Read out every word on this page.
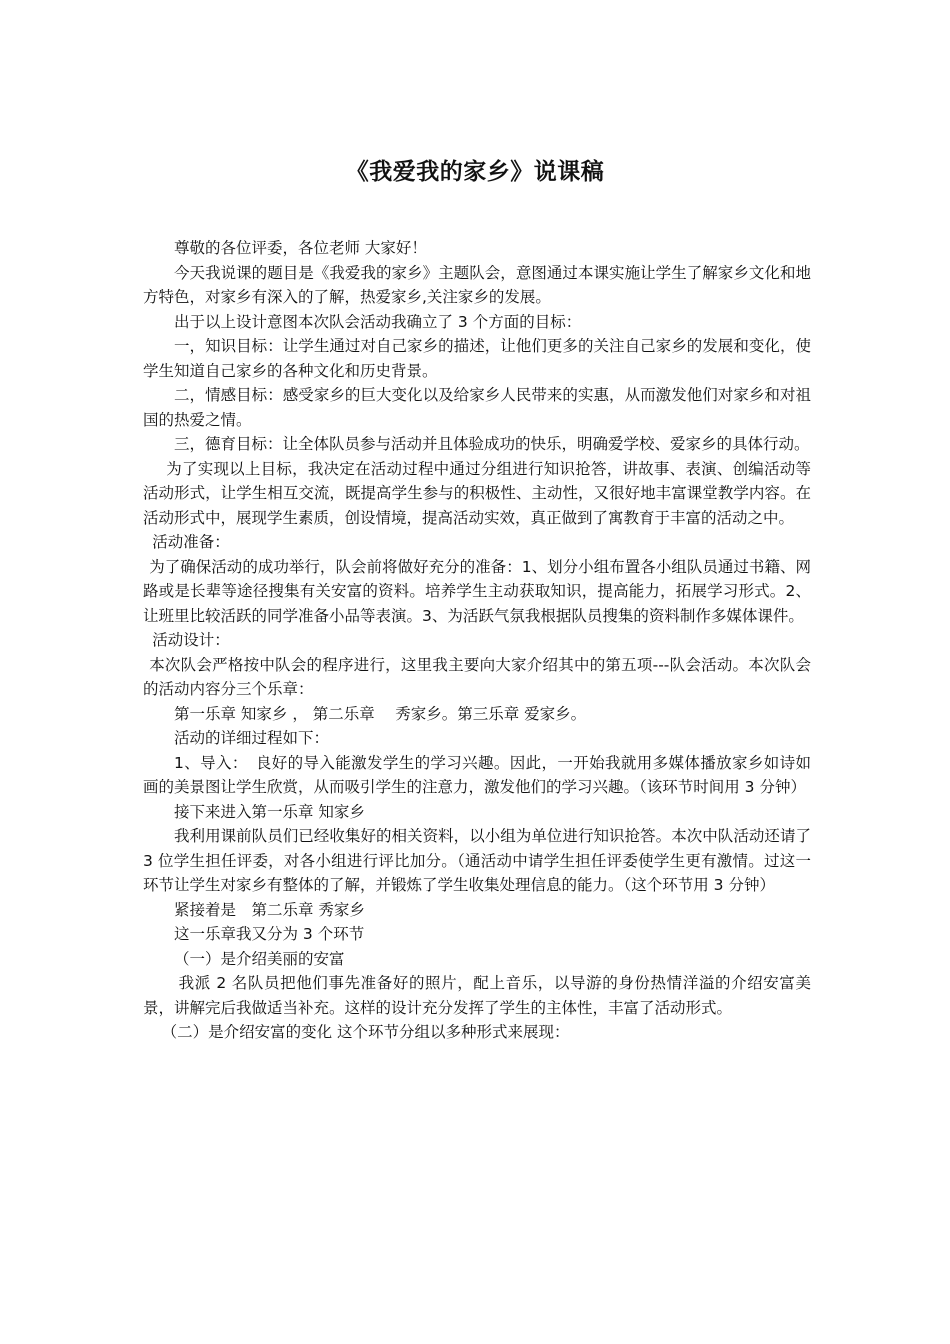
《我爱我的家乡》说课稿

尊敬的各位评委，各位老师 大家好！

今天我说课的题目是《我爱我的家乡》主题队会，意图通过本课实施让学生了解家乡文化和地方特色，对家乡有深入的了解，热爱家乡,关注家乡的发展。

出于以上设计意图本次队会活动我确立了 3 个方面的目标：

一，知识目标：让学生通过对自己家乡的描述，让他们更多的关注自己家乡的发展和变化，使学生知道自己家乡的各种文化和历史背景。

二，情感目标：感受家乡的巨大变化以及给家乡人民带来的实惠，从而激发他们对家乡和对祖国的热爱之情。

三，德育目标：让全体队员参与活动并且体验成功的快乐，明确爱学校、爱家乡的具体行动。

为了实现以上目标，我决定在活动过程中通过分组进行知识抢答，讲故事、表演、创编活动等活动形式，让学生相互交流，既提高学生参与的积极性、主动性，又很好地丰富课堂教学内容。在活动形式中，展现学生素质，创设情境，提高活动实效，真正做到了寓教育于丰富的活动之中。

活动准备：

为了确保活动的成功举行，队会前将做好充分的准备：1、划分小组布置各小组队员通过书籍、网路或是长辈等途径搜集有关安富的资料。培养学生主动获取知识，提高能力，拓展学习形式。2、让班里比较活跃的同学准备小品等表演。3、为活跃气氛我根据队员搜集的资料制作多媒体课件。

活动设计：

本次队会严格按中队会的程序进行，这里我主要向大家介绍其中的第五项---队会活动。本次队会的活动内容分三个乐章：

第一乐章 知家乡 ， 第二乐章　 秀家乡。第三乐章 爱家乡。

活动的详细过程如下：

1、导入：　良好的导入能激发学生的学习兴趣。因此，一开始我就用多媒体播放家乡如诗如画的美景图让学生欣赏，从而吸引学生的注意力，激发他们的学习兴趣。（该环节时间用 3 分钟）

接下来进入第一乐章 知家乡

我利用课前队员们已经收集好的相关资料，以小组为单位进行知识抢答。本次中队活动还请了 3 位学生担任评委，对各小组进行评比加分。（通活动中请学生担任评委使学生更有激情。过这一环节让学生对家乡有整体的了解，并锻炼了学生收集处理信息的能力。（这个环节用 3 分钟）

紧接着是　第二乐章 秀家乡

这一乐章我又分为 3 个环节

（一）是介绍美丽的安富

我派 2 名队员把他们事先准备好的照片，配上音乐，以导游的身份热情洋溢的介绍安富美景，讲解完后我做适当补充。这样的设计充分发挥了学生的主体性，丰富了活动形式。

（二）是介绍安富的变化 这个环节分组以多种形式来展现：
